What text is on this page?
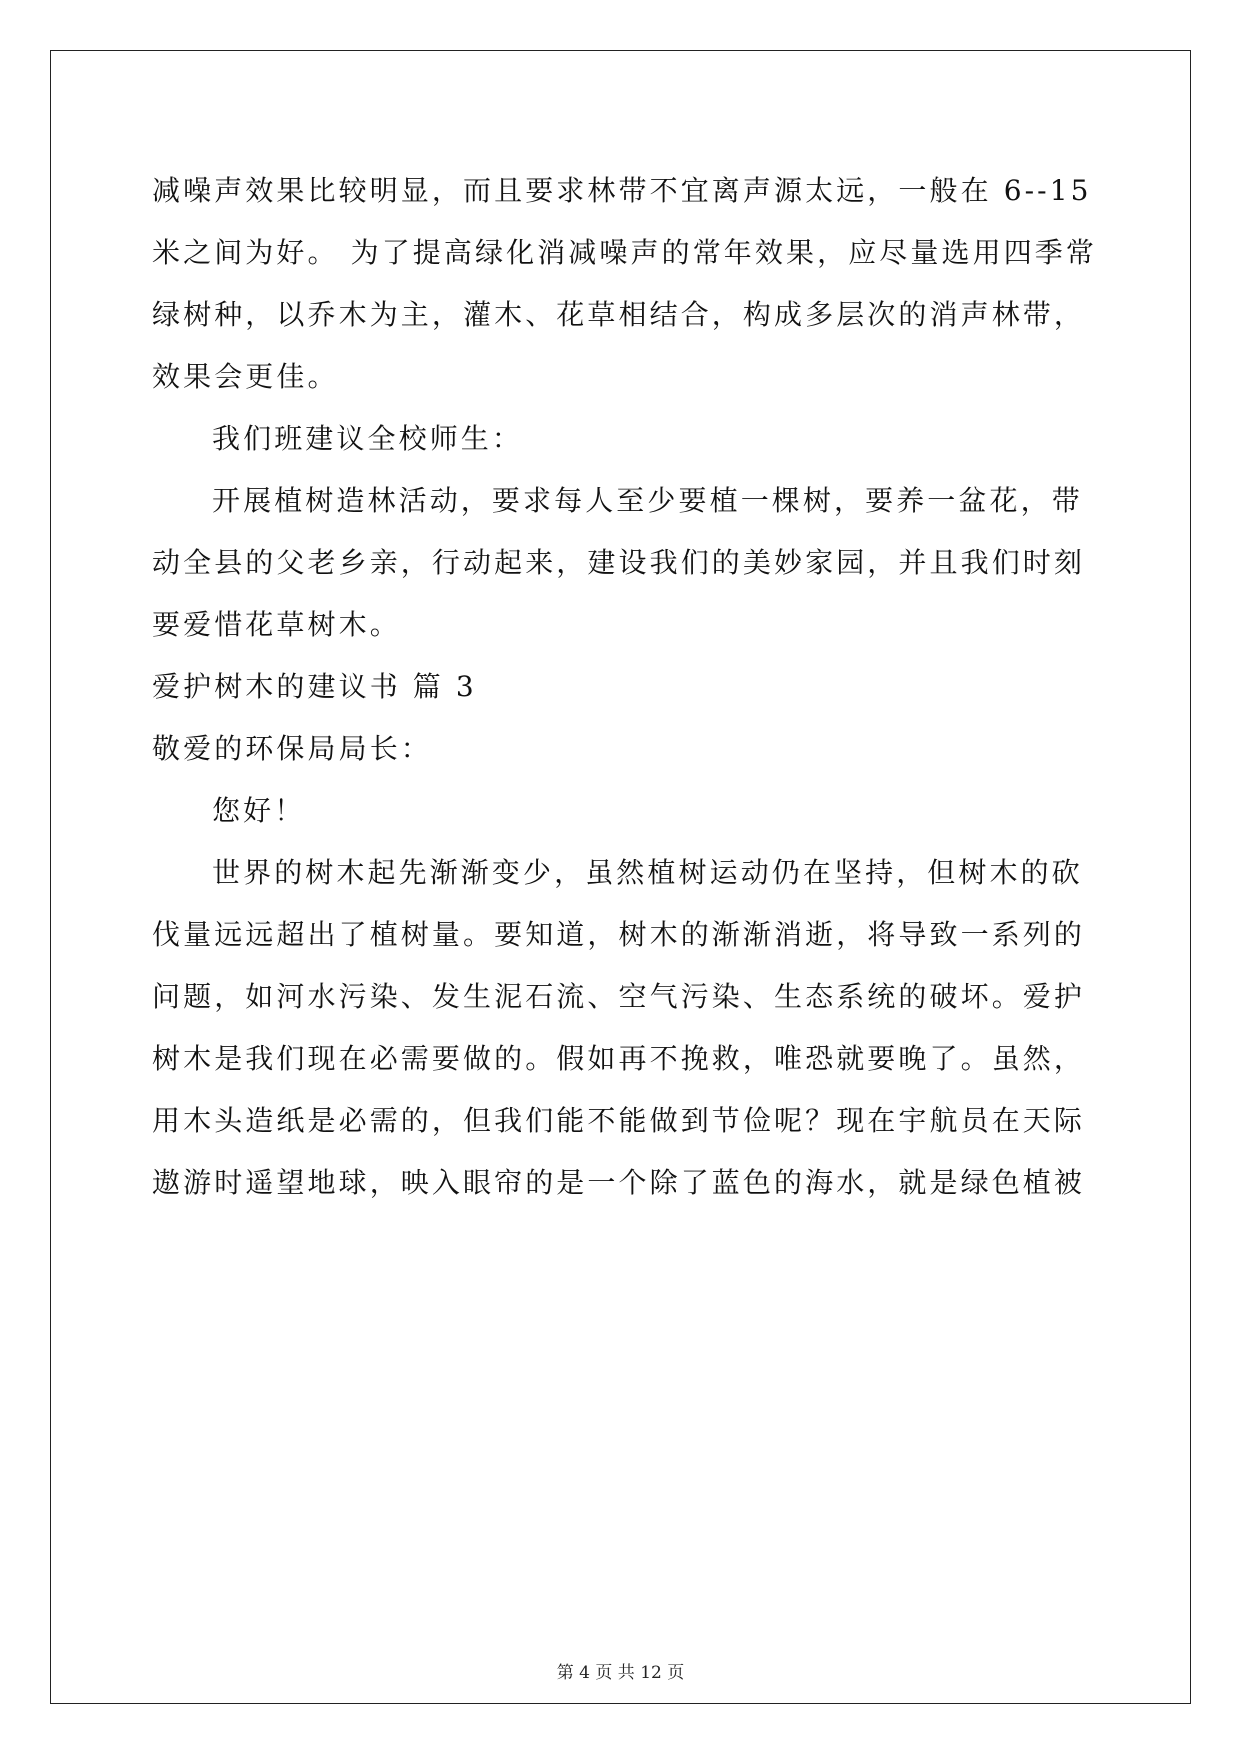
减噪声效果比较明显，而且要求林带不宜离声源太远，一般在 6--15
米之间为好。 为了提高绿化消减噪声的常年效果，应尽量选用四季常
绿树种，以乔木为主，灌木、花草相结合，构成多层次的消声林带，
效果会更佳。
我们班建议全校师生：
开展植树造林活动，要求每人至少要植一棵树，要养一盆花，带
动全县的父老乡亲，行动起来，建设我们的美妙家园，并且我们时刻
要爱惜花草树木。
爱护树木的建议书 篇 3
敬爱的环保局局长：
您好！
世界的树木起先渐渐变少，虽然植树运动仍在坚持，但树木的砍
伐量远远超出了植树量。要知道，树木的渐渐消逝，将导致一系列的
问题，如河水污染、发生泥石流、空气污染、生态系统的破坏。爱护
树木是我们现在必需要做的。假如再不挽救，唯恐就要晚了。虽然，
用木头造纸是必需的，但我们能不能做到节俭呢？现在宇航员在天际
遨游时遥望地球，映入眼帘的是一个除了蓝色的海水，就是绿色植被
第 4 页 共 12 页
